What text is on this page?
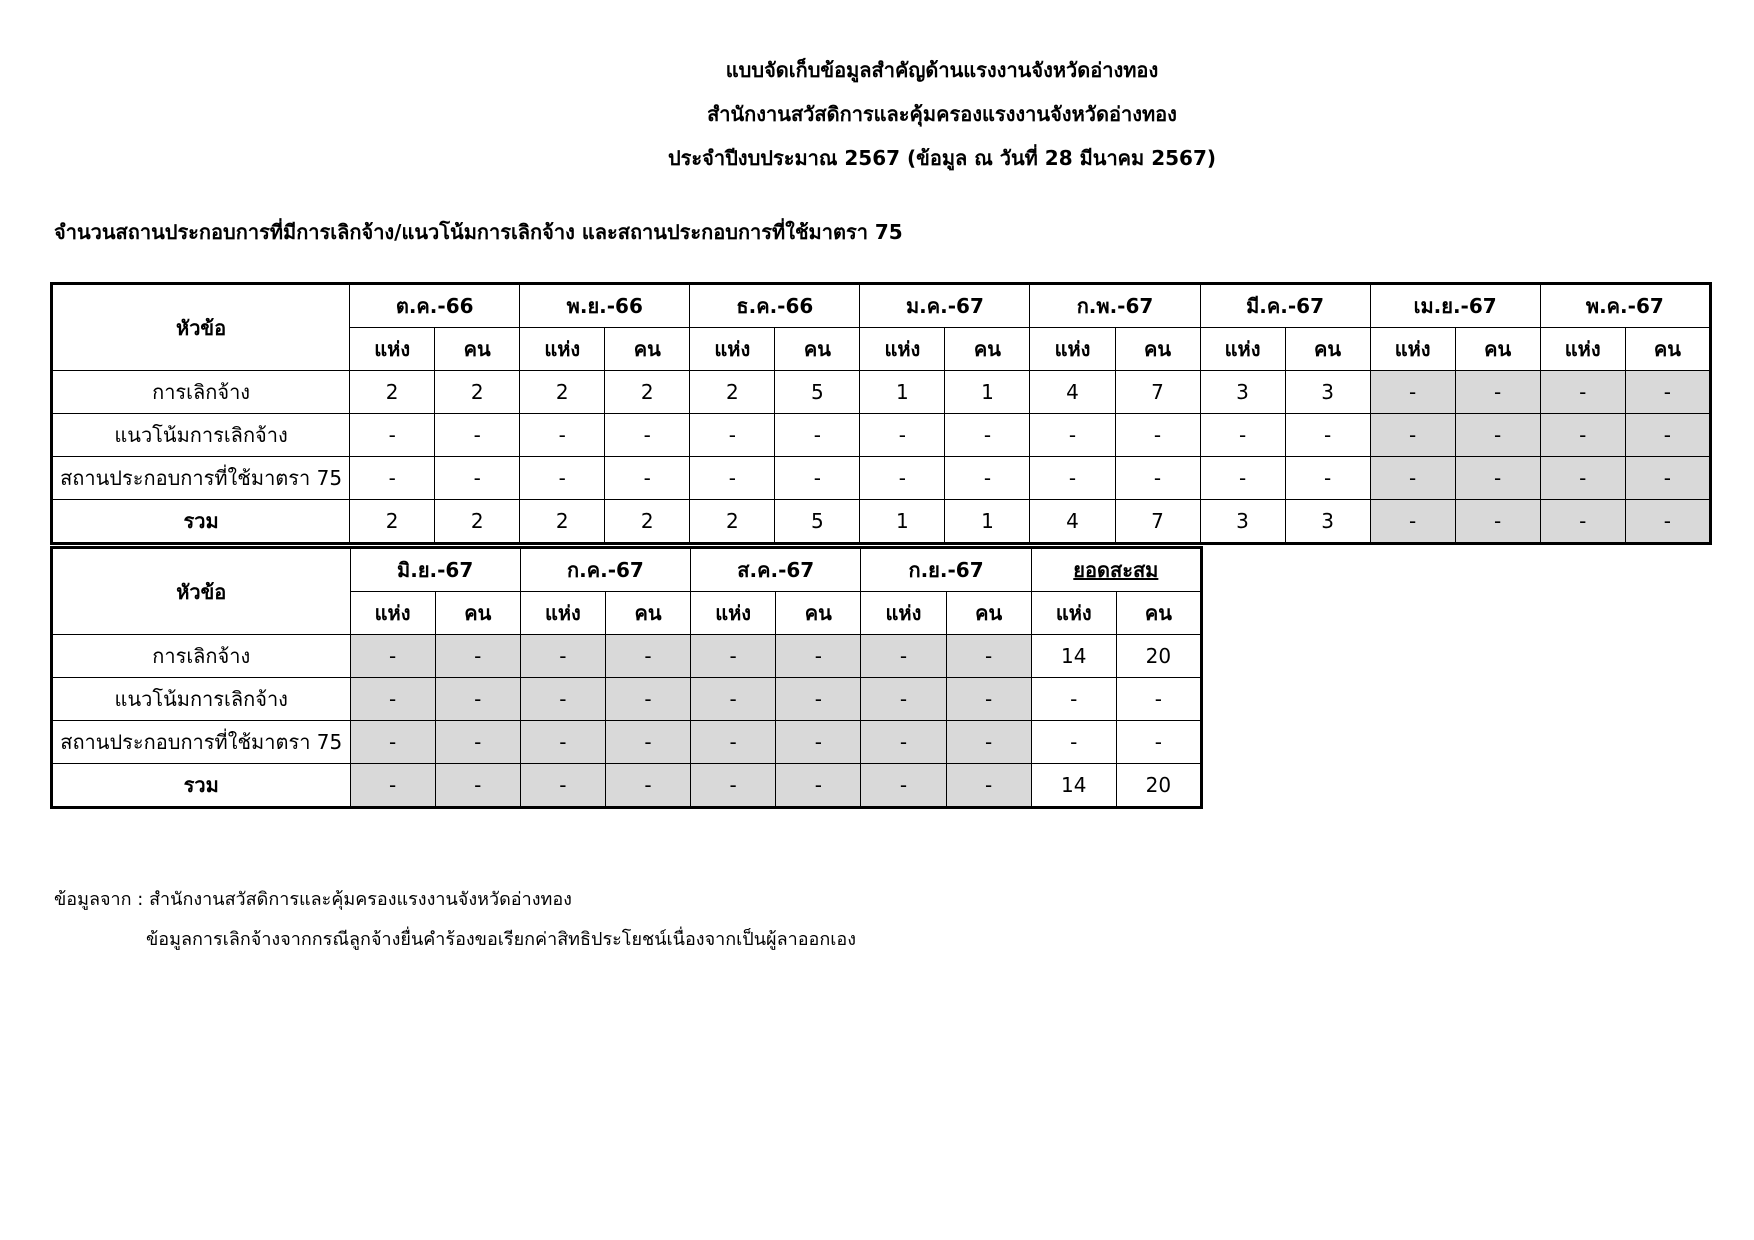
แบบจัดเก็บข้อมูลสำคัญด้านแรงงานจังหวัดอ่างทอง
สำนักงานสวัสดิการและคุ้มครองแรงงานจังหวัดอ่างทอง
ประจำปีงบประมาณ 2567 (ข้อมูล ณ วันที่ 28 มีนาคม 2567)
จำนวนสถานประกอบการที่มีการเลิกจ้าง/แนวโน้มการเลิกจ้าง และสถานประกอบการที่ใช้มาตรา 75
หัวข้อ	ต.ค.-66		พ.ย.-66		ธ.ค.-66		ม.ค.-67		ก.พ.-67		มี.ค.-67		เม.ย.-67		พ.ค.-67	
	แห่ง	คน	แห่ง	คน	แห่ง	คน	แห่ง	คน	แห่ง	คน	แห่ง	คน	แห่ง	คน	แห่ง	คน
การเลิกจ้าง	2	2	2	2	2	5	1	1	4	7	3	3	-	-	-	-
แนวโน้มการเลิกจ้าง	-	-	-	-	-	-	-	-	-	-	-	-	-	-	-	-
สถานประกอบการที่ใช้มาตรา 75	-	-	-	-	-	-	-	-	-	-	-	-	-	-	-	-
รวม	2	2	2	2	2	5	1	1	4	7	3	3	-	-	-	-
หัวข้อ	มิ.ย.-67		ก.ค.-67		ส.ค.-67		ก.ย.-67		ยอดสะสม	
	แห่ง	คน	แห่ง	คน	แห่ง	คน	แห่ง	คน	แห่ง	คน
การเลิกจ้าง	-	-	-	-	-	-	-	-	14	20
แนวโน้มการเลิกจ้าง	-	-	-	-	-	-	-	-	-	-
สถานประกอบการที่ใช้มาตรา 75	-	-	-	-	-	-	-	-	-	-
รวม	-	-	-	-	-	-	-	-	14	20
ข้อมูลจาก : สำนักงานสวัสดิการและคุ้มครองแรงงานจังหวัดอ่างทอง
ข้อมูลการเลิกจ้างจากกรณีลูกจ้างยื่นคำร้องขอเรียกค่าสิทธิประโยชน์เนื่องจากเป็นผู้ลาออกเอง
